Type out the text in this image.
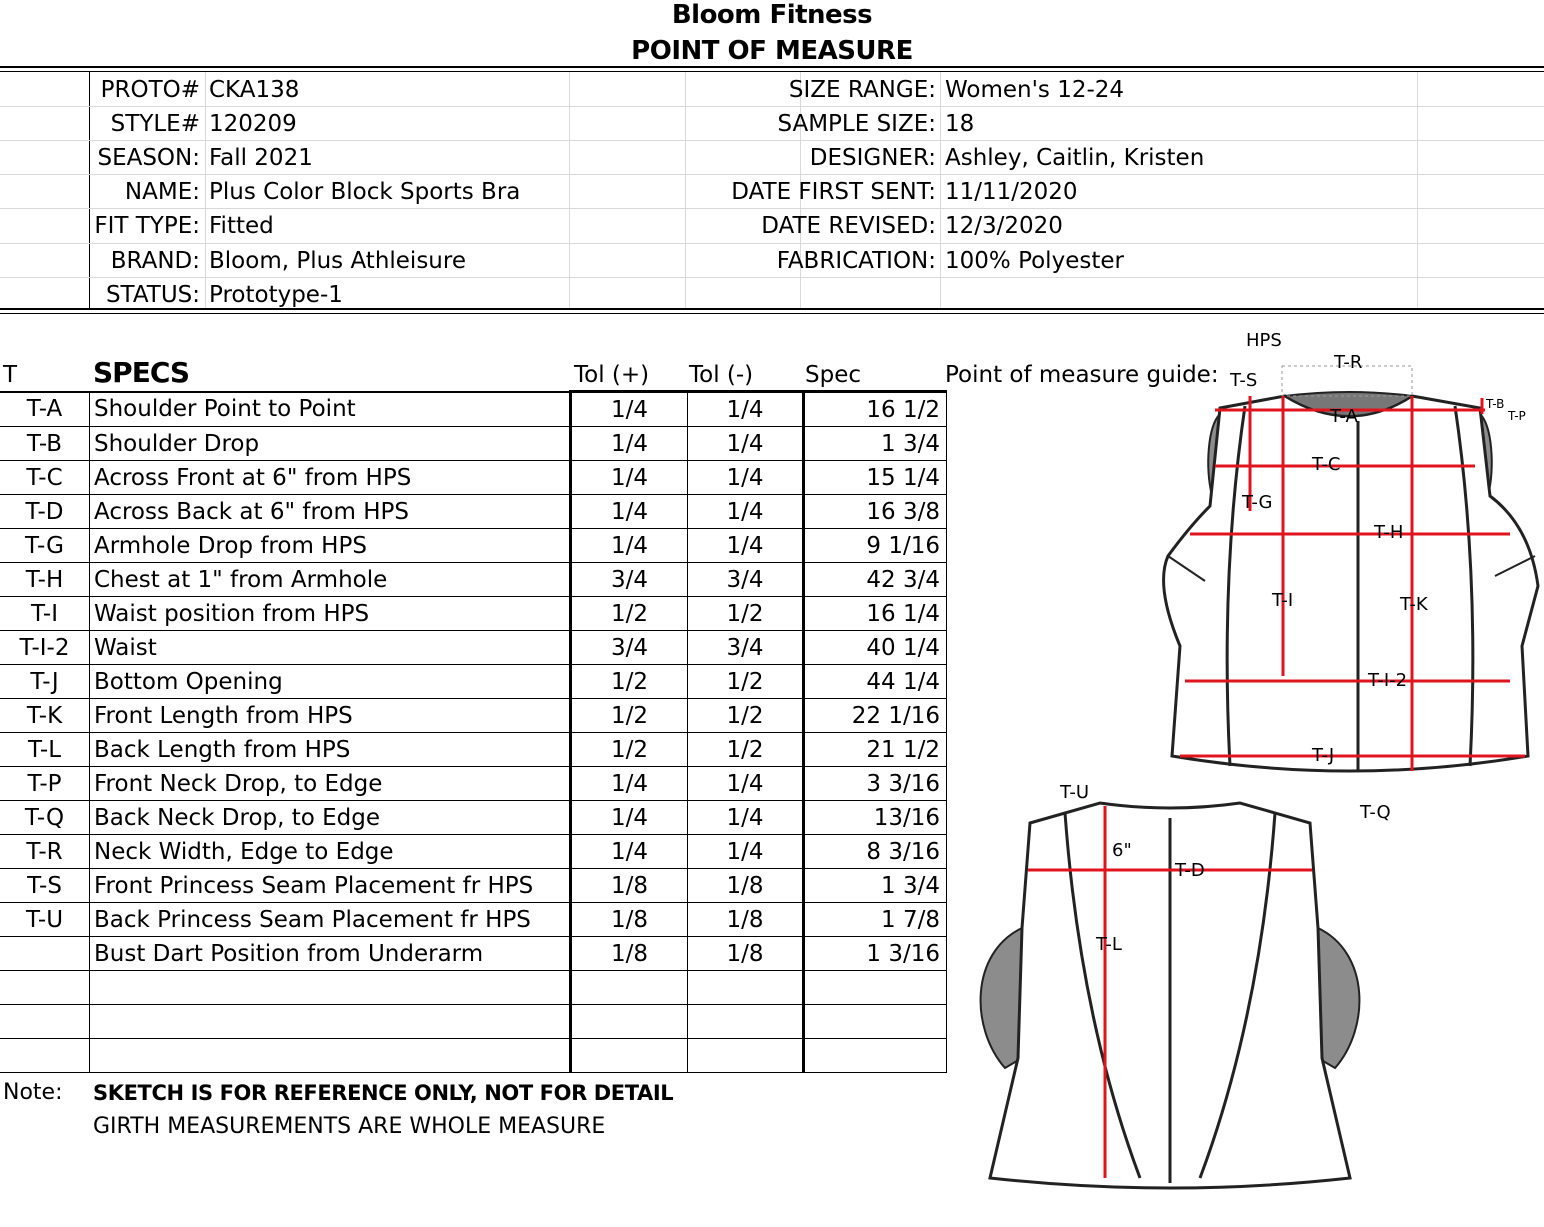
Bloom Fitness
POINT OF MEASURE
PROTO# CKA138
STYLE# 120209
SEASON: Fall 2021
NAME: Plus Color Block Sports Bra
FIT TYPE: Fitted
BRAND: Bloom, Plus Athleisure
STATUS: Prototype-1
SIZE RANGE: Women's 12-24
SAMPLE SIZE: 18
DESIGNER: Ashley, Caitlin, Kristen
DATE FIRST SENT: 11/11/2020
DATE REVISED: 12/3/2020
FABRICATION: 100% Polyester
T	SPECS	Tol (+) Tol (-) Spec	Point of measure guide:
T-A	Shoulder Point to Point	1/4	1/4	16 1/2
T-B	Shoulder Drop	1/4	1/4	1 3/4
T-C	Across Front at 6" from HPS	1/4	1/4	15 1/4
T-D	Across Back at 6" from HPS	1/4	1/4	16 3/8
T-G	Armhole Drop from HPS	1/4	1/4	9 1/16
T-H	Chest at 1" from Armhole	3/4	3/4	42 3/4
T-I	Waist position from HPS	1/2	1/2	16 1/4
T-I-2	Waist	3/4	3/4	40 1/4
T-J	Bottom Opening	1/2	1/2	44 1/4
T-K	Front Length from HPS	1/2	1/2	22 1/16
T-L	Back Length from HPS	1/2	1/2	21 1/2
T-P	Front Neck Drop, to Edge	1/4	1/4	3 3/16
T-Q	Back Neck Drop, to Edge	1/4	1/4	13/16
T-R	Neck Width, Edge to Edge	1/4	1/4	8 3/16
T-S	Front Princess Seam Placement fr HPS	1/8	1/8	1 3/4
T-U	Back Princess Seam Placement fr HPS	1/8	1/8	1 7/8
	Bust Dart Position from Underarm	1/8	1/8	1 3/16

Note: SKETCH IS FOR REFERENCE ONLY, NOT FOR DETAIL
GIRTH MEASUREMENTS ARE WHOLE MEASURE
HPS
T-R
T-S
T-A
T-B
T-P
T-C
T-G
T-H
T-I	T-K
T-I-2
T-J
T-U
T-Q
6"
T-D
T-L
